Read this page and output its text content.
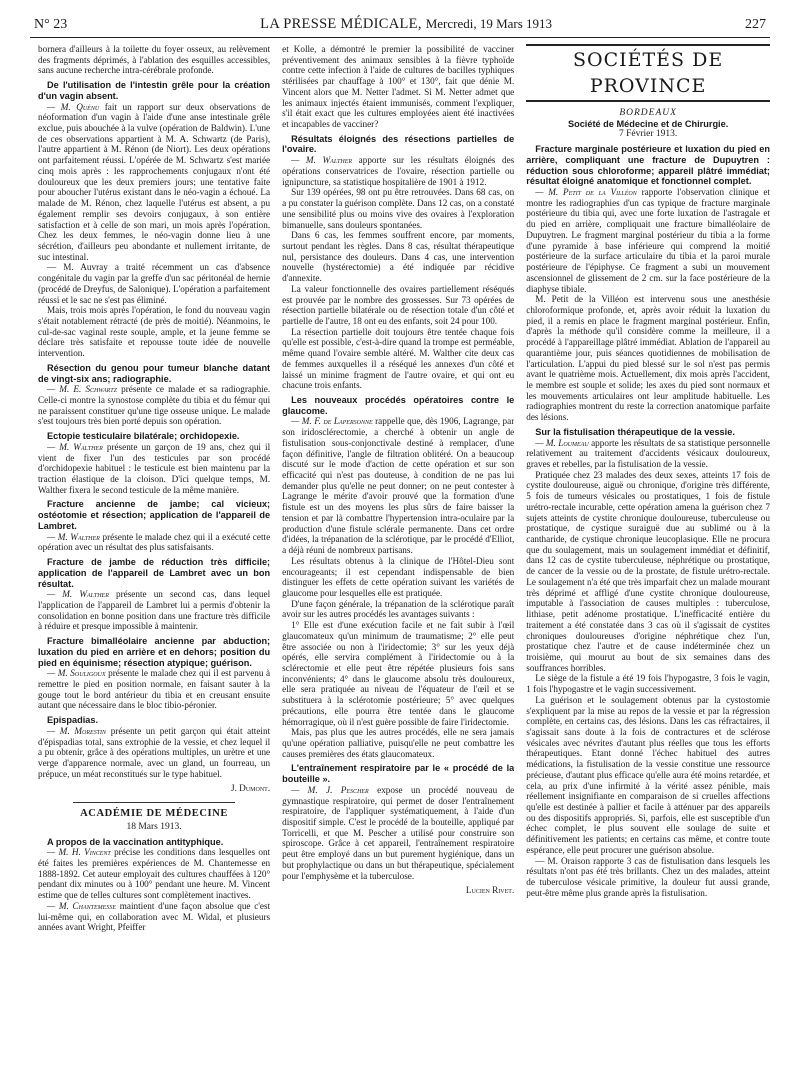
N° 23	LA PRESSE MÉDICALE, Mercredi, 19 Mars 1913	227

bornera d'ailleurs à la toilette du foyer osseux, au relèvement des fragments déprimés, à l'ablation des esquilles accessibles, sans aucune recherche intra-cérébrale profonde.

De l'utilisation de l'intestin grêle pour la création d'un vagin absent.

— M. Quénu fait un rapport sur deux observations de néoformation d'un vagin à l'aide d'une anse intestinale grêle exclue, puis abouchée à la vulve (opération de Baldwin). L'une de ces observations appartient à M. A. Schwartz (de Paris), l'autre appartient à M. Rénon (de Niort). Les deux opérations ont parfaitement réussi. L'opérée de M. Schwartz s'est mariée cinq mois après : les rapprochements conjugaux n'ont été douloureux que les deux premiers jours; une tentative faite pour aboucher l'utérus existant dans le néo-vagin a échoué. La malade de M. Rénon, chez laquelle l'utérus est absent, a pu également remplir ses devoirs conjugaux, à son entière satisfaction et à celle de son mari, un mois après l'opération. Chez les deux femmes, le néo-vagin donne lieu à une sécrétion, d'ailleurs peu abondante et nullement irritante, de suc intestinal.

— M. Auvray a traité récemment un cas d'absence congénitale du vagin par la greffe d'un sac péritonéal de hernie (procédé de Dreyfus, de Salonique). L'opération a parfaitement réussi et le sac ne s'est pas éliminé.

Mais, trois mois après l'opération, le fond du nouveau vagin s'était notablement rétracté (de près de moitié). Néanmoins, le cul-de-sac vaginal reste souple, ample, et la jeune femme se déclare très satisfaite et repousse toute idée de nouvelle intervention.

Résection du genou pour tumeur blanche datant de vingt-six ans; radiographie.

— M. E. Schwartz présente ce malade et sa radiographie. Celle-ci montre la synostose complète du tibia et du fémur qui ne paraissent constituer qu'une tige osseuse unique. Le malade s'est toujours très bien porté depuis son opération.

Ectopie testiculaire bilatérale; orchidopexie.

— M. Walther présente un garçon de 19 ans, chez qui il vient de fixer l'un des testicules par son procédé d'orchidopexie habituel : le testicule est bien maintenu par la traction élastique de la cloison. D'ici quelque temps, M. Walther fixera le second testicule de la même manière.

Fracture ancienne de jambe; cal vicieux; ostéotomie et résection; application de l'appareil de Lambret.

— M. Walther présente le malade chez qui il a exécuté cette opération avec un résultat des plus satisfaisants.

Fracture de jambe de réduction très difficile; application de l'appareil de Lambret avec un bon résultat.

— M. Walther présente un second cas, dans lequel l'application de l'appareil de Lambret lui a permis d'obtenir la consolidation en bonne position dans une fracture très difficile à réduire et presque impossible à maintenir.

Fracture bimalléolaire ancienne par abduction; luxation du pied en arrière et en dehors; position du pied en équinisme; résection atypique; guérison.

— M. Souligoux présente le malade chez qui il est parvenu à remettre le pied en position normale, en faisant sauter à la gouge tout le bord antérieur du tibia et en creusant ensuite autant que nécessaire dans le bloc tibio-péronier.

Epispadias.

— M. Morestin présente un petit garçon qui était atteint d'épispadias total, sans extrophie de la vessie, et chez lequel il a pu obtenir, grâce à des opérations multiples, un urètre et une verge d'apparence normale, avec un gland, un fourreau, un prépuce, un méat reconstitués sur le type habituel.

J. Dumont.

ACADÉMIE DE MÉDECINE
18 Mars 1913.

A propos de la vaccination antityphique.

— M. H. Vincent précise les conditions dans lesquelles ont été faites les premières expériences de M. Chantemesse en 1888-1892. Cet auteur employait des cultures chauffées à 120° pendant dix minutes ou à 100° pendant une heure. M. Vincent estime que de telles cultures sont complètement inactives.

— M. Chantemesse maintient d'une façon absolue que c'est lui-même qui, en collaboration avec M. Widal, et plusieurs années avant Wright, Pfeiffer

et Kolle, a démontré le premier la possibilité de vacciner préventivement des animaux sensibles à la fièvre typhoïde contre cette infection à l'aide de cultures de bacilles typhiques stérilisées par chauffage à 100° et 130°, fait que dénie M. Vincent alors que M. Netter l'admet. Si M. Netter admet que les animaux injectés étaient immunisés, comment l'expliquer, s'il était exact que les cultures employées aient été inactivées et incapables de vacciner?

Résultats éloignés des résections partielles de l'ovaire.

— M. Walther apporte sur les résultats éloignés des opérations conservatrices de l'ovaire, résection partielle ou ignipuncture, sa statistique hospitalière de 1901 à 1912.

Sur 139 opérées, 98 ont pu être retrouvées. Dans 68 cas, on a pu constater la guérison complète. Dans 12 cas, on a constaté une sensibilité plus ou moins vive des ovaires à l'exploration bimanuelle, sans douleurs spontanées.

Dans 6 cas, les femmes souffrent encore, par moments, surtout pendant les règles. Dans 8 cas, résultat thérapeutique nul, persistance des douleurs. Dans 4 cas, une intervention nouvelle (hystérectomie) a été indiquée par récidive d'annexite.

La valeur fonctionnelle des ovaires partiellement réséqués est prouvée par le nombre des grossesses. Sur 73 opérées de résection partielle bilatérale ou de résection totale d'un côté et partielle de l'autre, 18 ont eu des enfants, soit 24 pour 100.

La résection partielle doit toujours être tentée chaque fois qu'elle est possible, c'est-à-dire quand la trompe est perméable, même quand l'ovaire semble altéré. M. Walther cite deux cas de femmes auxquelles il a réséqué les annexes d'un côté et laissé un minime fragment de l'autre ovaire, et qui ont eu chacune trois enfants.

Les nouveaux procédés opératoires contre le glaucome.

— M. F. de Lapersonne rappelle que, dès 1906, Lagrange, par son iridosclérectomie, a cherché à obtenir un angle de fistulisation sous-conjonctivale destiné à remplacer, d'une façon définitive, l'angle de filtration oblitéré. On a beaucoup discuté sur le mode d'action de cette opération et sur son efficacité qui n'est pas douteuse, à condition de ne pas lui demander plus qu'elle ne peut donner; on ne peut contester à Lagrange le mérite d'avoir prouvé que la formation d'une fistule est un des moyens les plus sûrs de faire baisser la tension et par là combattre l'hypertension intra-oculaire par la production d'une fistule sclérale permanente. Dans cet ordre d'idées, la trépanation de la sclérotique, par le procédé d'Elliot, a déjà réuni de nombreux partisans.

Les résultats obtenus à la clinique de l'Hôtel-Dieu sont encourageants; il est cependant indispensable de bien distinguer les effets de cette opération suivant les variétés de glaucome pour lesquelles elle est pratiquée.

D'une façon générale, la trépanation de la sclérotique paraît avoir sur les autres procédés les avantages suivants :

1° Elle est d'une exécution facile et ne fait subir à l'œil glaucomateux qu'un minimum de traumatisme; 2° elle peut être associée ou non à l'iridectomie; 3° sur les yeux déjà opérés, elle servira complément à l'iridectomie ou à la sclérectomie et elle peut être répétée plusieurs fois sans inconvénients; 4° dans le glaucome absolu très douloureux, elle sera pratiquée au niveau de l'équateur de l'œil et se substituera à la sclérotomie postérieure; 5° avec quelques précautions, elle pourra être tentée dans le glaucome hémorragique, où il n'est guère possible de faire l'iridectomie.

Mais, pas plus que les autres procédés, elle ne sera jamais qu'une opération palliative, puisqu'elle ne peut combattre les causes premières des états glaucomateux.

L'entraînement respiratoire par le « procédé de la bouteille ».

— M. J. Pescher expose un procédé nouveau de gymnastique respiratoire, qui permet de doser l'entraînement respiratoire, de l'appliquer systématiquement, à l'aide d'un dispositif simple. C'est le procédé de la bouteille, appliqué par Torricelli, et que M. Pescher a utilisé pour construire son spiroscope. Grâce à cet appareil, l'entraînement respiratoire peut être employé dans un but purement hygiénique, dans un but prophylactique ou dans un but thérapeutique, spécialement pour l'emphysème et la tuberculose.

Lucien Rivet.

SOCIÉTÉS DE PROVINCE
BORDEAUX
Société de Médecine et de Chirurgie.
7 Février 1913.

Fracture marginale postérieure et luxation du pied en arrière, compliquant une fracture de Dupuytren : réduction sous chloroforme; appareil plâtré immédiat; résultat éloigné anatomique et fonctionnel complet.

— M. Petit de la Villéon rapporte l'observation clinique et montre les radiographies d'un cas typique de fracture marginale postérieure du tibia qui, avec une forte luxation de l'astragale et du pied en arrière, compliquait une fracture bimalléolaire de Dupuytren. Le fragment marginal postérieur du tibia a la forme d'une pyramide à base inférieure qui comprend la moitié postérieure de la surface articulaire du tibia et la paroi murale postérieure de l'épiphyse. Ce fragment a subi un mouvement ascensionnel de glissement de 2 cm. sur la face postérieure de la diaphyse tibiale.

M. Petit de la Villéon est intervenu sous une anesthésie chloroformique profonde, et, après avoir réduit la luxation du pied, il a remis en place le fragment marginal postérieur. Enfin, d'après la méthode qu'il considère comme la meilleure, il a procédé à l'appareillage plâtré immédiat. Ablation de l'appareil au quarantième jour, puis séances quotidiennes de mobilisation de l'articulation. L'appui du pied blessé sur le sol n'est pas permis avant le quatrième mois. Actuellement, dix mois après l'accident, le membre est souple et solide; les axes du pied sont normaux et les mouvements articulaires ont leur amplitude habituelle. Les radiographies montrent du reste la correction anatomique parfaite des lésions.

Sur la fistulisation thérapeutique de la vessie.

— M. Loumeau apporte les résultats de sa statistique personnelle relativement au traitement d'accidents vésicaux douloureux, graves et rebelles, par la fistulisation de la vessie.

Pratiquée chez 23 malades des deux sexes, atteints 17 fois de cystite douloureuse, aiguë ou chronique, d'origine très différente, 5 fois de tumeurs vésicales ou prostatiques, 1 fois de fistule urétro-rectale incurable, cette opération amena la guérison chez 7 sujets atteints de cystite chronique douloureuse, tuberculeuse ou prostatique, de cystique suraiguë due au sublimé ou à la cantharide, de cystique chronique leucoplasique. Elle ne procura que du soulagement, mais un soulagement immédiat et définitif, dans 12 cas de cystite tuberculeuse, néphrétique ou prostatique, de cancer de la vessie ou de la prostate, de fistule urétro-rectale. Le soulagement n'a été que très imparfait chez un malade mourant très déprimé et affligé d'une cystite chronique douloureuse, imputable à l'association de causes multiples : tuberculose, lithiase, petit adénome prostatique. L'inefficacité entière du traitement a été constatée dans 3 cas où il s'agissait de cystites chroniques douloureuses d'origine néphrétique chez l'un, prostatique chez l'autre et de cause indéterminée chez un troisième, qui mourut au bout de six semaines dans des souffrances horribles.

Le siège de la fistule a été 19 fois l'hypogastre, 3 fois le vagin, 1 fois l'hypogastre et le vagin successivement.

La guérison et le soulagement obtenus par la cystostomie s'expliquent par la mise au repos de la vessie et par la régression complète, en certains cas, des lésions. Dans les cas réfractaires, il s'agissait sans doute à la fois de contractures et de sclérose vésicales avec névrites d'autant plus réelles que tous les efforts thérapeutiques. Etant donné l'échec habituel des autres médications, la fistulisation de la vessie constitue une ressource précieuse, d'autant plus efficace qu'elle aura été moins retardée, et cela, au prix d'une infirmité à la vérité assez pénible, mais réellement insignifiante en comparaison de si cruelles affections qu'elle est destinée à pallier et facile à atténuer par des appareils ou des dispositifs appropriés. Si, parfois, elle est susceptible d'un échec complet, le plus souvent elle soulage de suite et définitivement les patients; en certains cas même, et contre toute espérance, elle peut procurer une guérison absolue.

— M. Oraison rapporte 3 cas de fistulisation dans lesquels les résultats n'ont pas été très brillants. Chez un des malades, atteint de tuberculose vésicale primitive, la douleur fut aussi grande, peut-être même plus grande après la fistulisation.
